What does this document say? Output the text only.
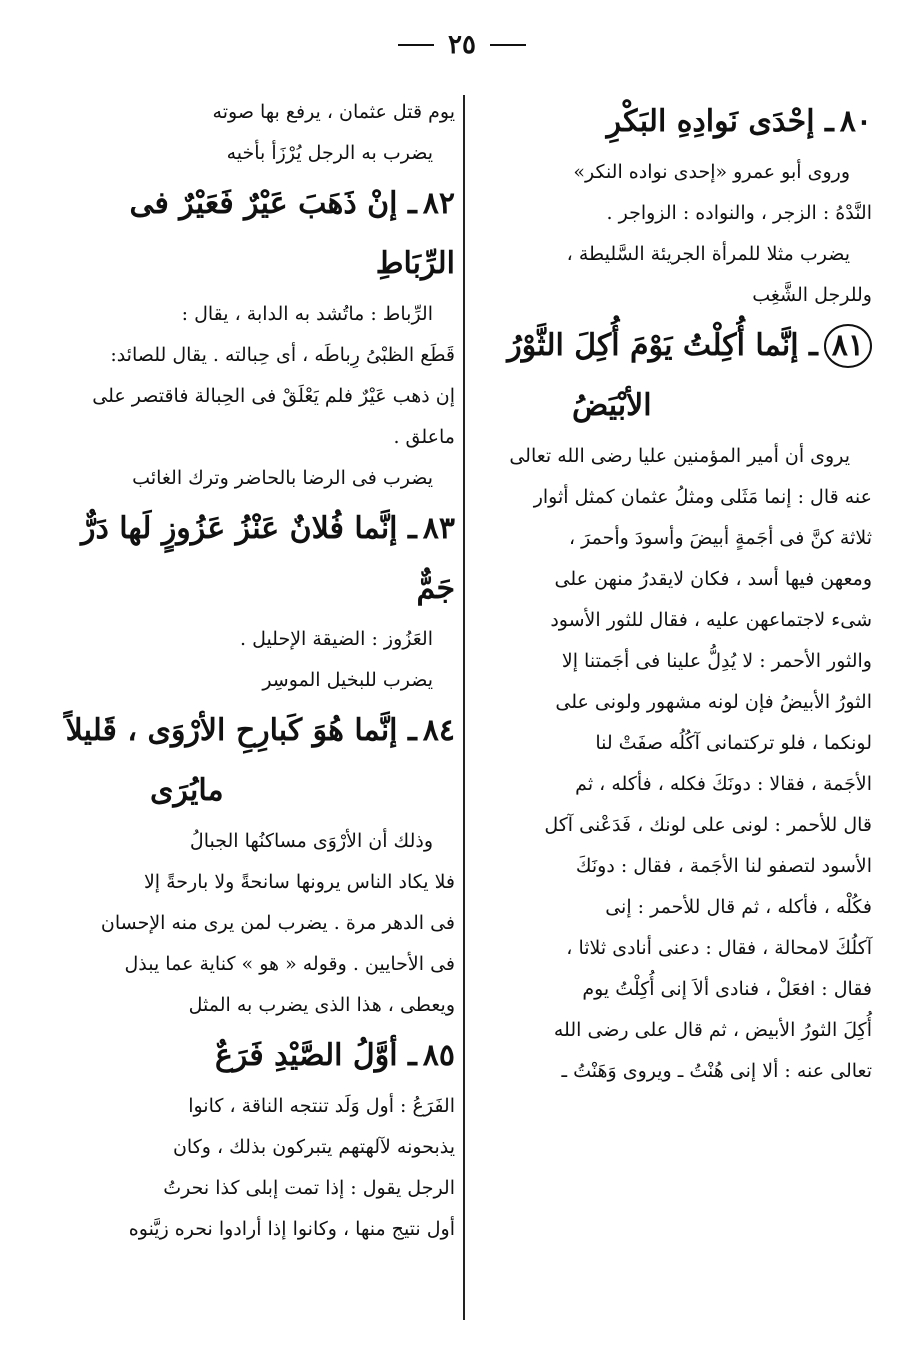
٢٥

٨٠ـ إحْدَى نَوادِهِ البَكْرِ

وروى أبو عمرو «إحدى نواده النكر»

النَّدْهُ : الزجر ، والنواده : الزواجر .

يضرب مثلا للمرأة الجريئة السَّليطة ،

وللرجل الشَّغِب

٨١ـ إنَّما أُكِلْتُ يَوْمَ أُكِلَ الثَّوْرُ

الأبْيَضُ

يروى أن أمير المؤمنين عليا رضى الله تعالى

عنه قال : إنما مَثَلى ومثلُ عثمان كمثل أثوار

ثلاثة كنَّ فى أجَمةٍ أبيضَ وأسودَ وأحمرَ ،

ومعهن فيها أسد ، فكان لايقدرُ منهن على

شىء لاجتماعهن عليه ، فقال للثور الأسود

والثور الأحمر : لا يُدِلُّ علينا فى أجَمتنا إلا

الثورُ الأبيضُ فإن لونه مشهور ولونى على

لونكما ، فلو تركتمانى آكُلُه صفَتْ لنا

الأجَمة ، فقالا : دونَكَ فكله ، فأكله ، ثم

قال للأحمر : لونى على لونك ، فَدَعْنى آكل

الأسود لتصفو لنا الأجَمة ، فقال : دونَكَ

فكُلْه ، فأكله ، ثم قال للأحمر : إنى

آكلُكَ لامحالة ، فقال : دعنى أنادى ثلاثا ،

فقال : افعَلْ ، فنادى ألاَ إنى أُكِلْتُ يوم

أُكِلَ الثورُ الأبيض ، ثم قال على رضى الله

تعالى عنه : ألا إنى هُنْتُ ـ ويروى وَهَنْتُ ـ

يوم قتل عثمان ، يرفع بها صوته

يضرب به الرجل يُرْزَأ بأخيه

٨٢ـ إنْ ذَهَبَ عَيْرٌ فَعَيْرٌ فى الرِّبَاطِ

الرِّباط : ماتُشد به الدابة ، يقال :

قَطَع الظبْىُ رِباطَه ، أى حِبالته . يقال للصائد:

إن ذهب عَيْرٌ فلم يَعْلَقْ فى الحِبالة فاقتصر على

ماعلق .

يضرب فى الرضا بالحاضر وترك الغائب

٨٣ـ إنَّما فُلانٌ عَنْزُ عَزُوزٍ لَها دَرٌّ جَمٌّ

العَزُوز : الضيقة الإحليل .

يضرب للبخيل الموسِر

٨٤ـ إنَّما هُوَ كَبارِحِ الأرْوَى ، قَليلاً

مايُرَى

وذلك أن الأرْوَى مساكنُها الجبالُ

فلا يكاد الناس يرونها سانحةً ولا بارحةً إلا

فى الدهر مرة . يضرب لمن يرى منه الإحسان

فى الأحايين . وقوله « هو » كناية عما يبذل

ويعطى ، هذا الذى يضرب به المثل

٨٥ـ أوَّلُ الصَّيْدِ فَرَعٌ

الفَرَعُ : أول وَلَد تنتجه الناقة ، كانوا

يذبحونه لآلهتهم يتبركون بذلك ، وكان

الرجل يقول : إذا تمت إبلى كذا نحرتُ

أول نتيج منها ، وكانوا إذا أرادوا نحره زيَّنوه
